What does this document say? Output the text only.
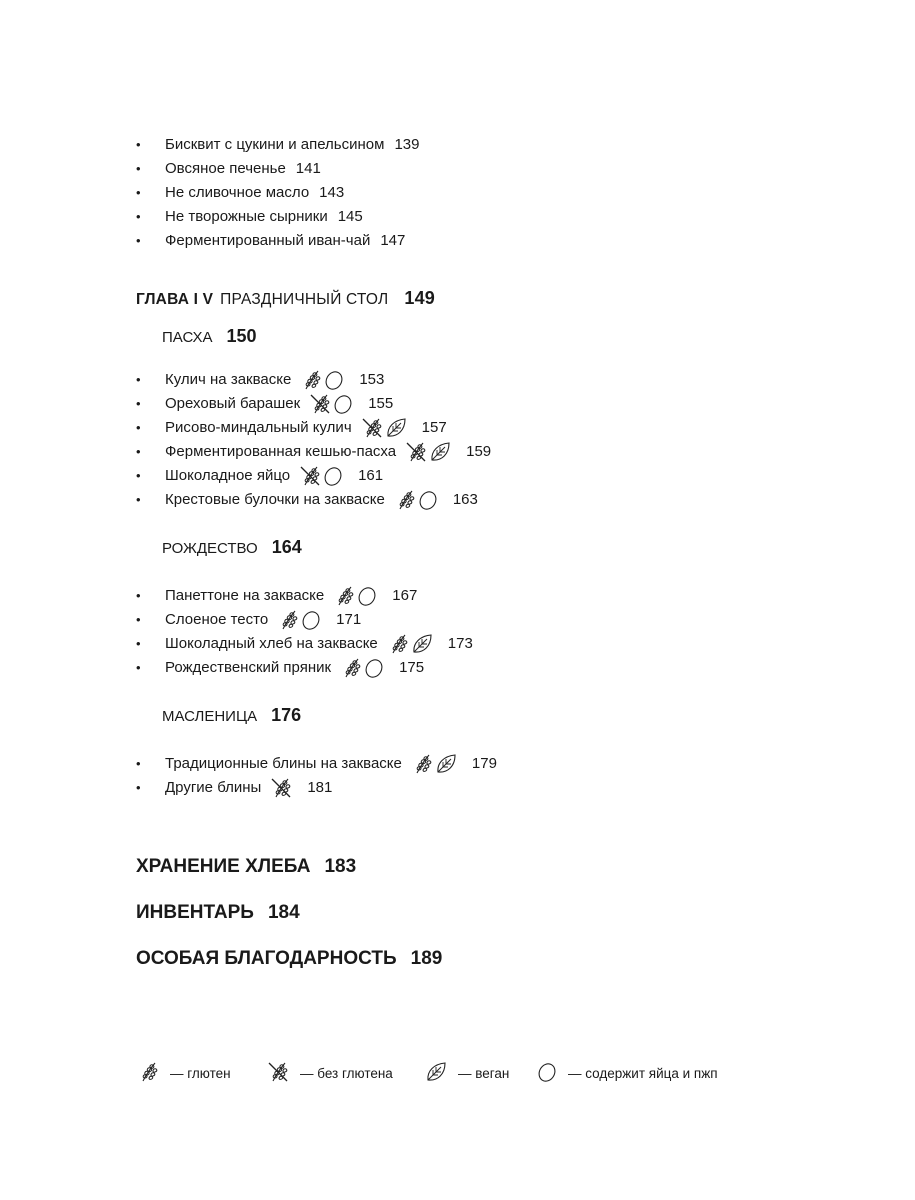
•	Бисквит с цукини и апельсином 139
•	Овсяное печенье 141
•	Не сливочное масло 143
•	Не творожные сырники 145
•	Ферментированный иван-чай 147
ГЛАВА I V ПРАЗДНИЧНЫЙ СТОЛ 149
ПАСХА 150
•	Кулич на закваске	153
•	Ореховый барашек	155
•	Рисово-миндальный кулич	157
•	Ферментированная кешью-пасха	159
•	Шоколадное яйцо	161
•	Крестовые булочки на закваске	163
РОЖДЕСТВО 164
•	Панеттоне на закваске	167
•	Слоеное тесто	171
•	Шоколадный хлеб на закваске	173
•	Рождественский пряник	175
МАСЛЕНИЦА 176
•	Традиционные блины на закваске	179
•	Другие блины	181
ХРАНЕНИЕ ХЛЕБА 183
ИНВЕНТАРЬ 184
ОСОБАЯ БЛАГОДАРНОСТЬ 189
— глютен	— без глютена	— веган	— содержит яйца и пжп
